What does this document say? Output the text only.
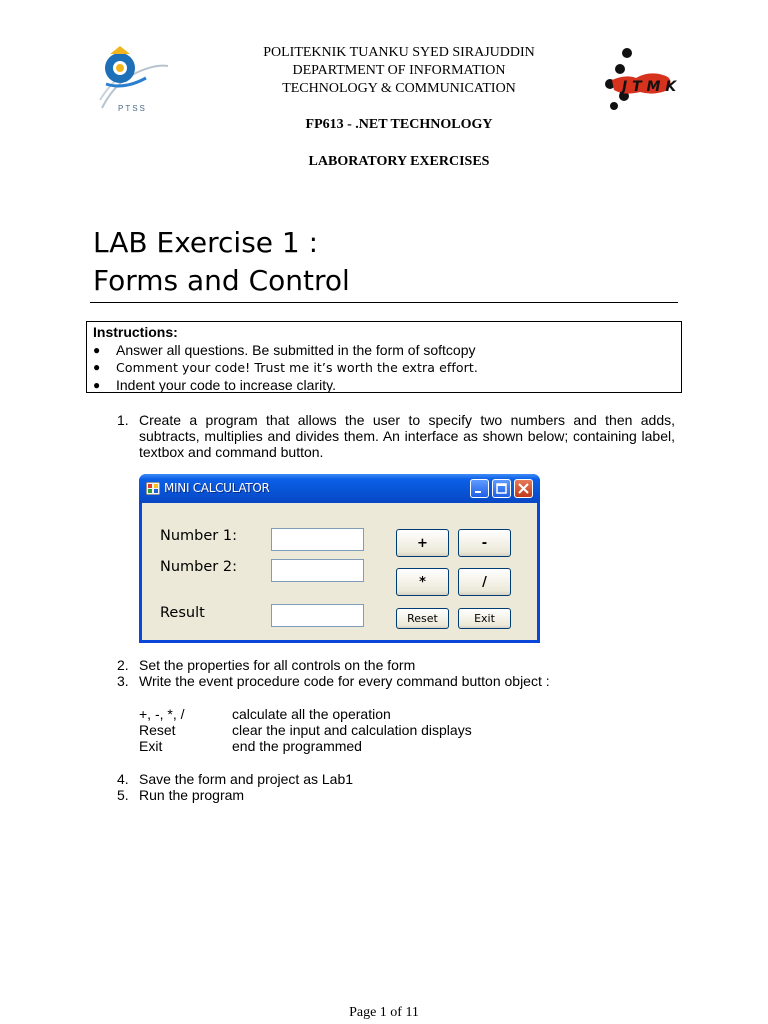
PTSS
J T M K
POLITEKNIK TUANKU SYED SIRAJUDDIN
DEPARTMENT OF INFORMATION
TECHNOLOGY & COMMUNICATION
FP613 - .NET TECHNOLOGY
LABORATORY EXERCISES
LAB Exercise 1 :
Forms and Control
Instructions:
● Answer all questions. Be submitted in the form of softcopy
● Comment your code! Trust me it’s worth the extra effort.
● Indent your code to increase clarity.
1. Create a program that allows the user to specify two numbers and then adds,
subtracts, multiplies and divides them. An interface as shown below; containing label,
textbox and command button.
MINI CALCULATOR
Number 1:
Number 2:
Result
+	-
*	/
Reset	Exit
2. Set the properties for all controls on the form
3. Write the event procedure code for every command button object :
+, -, *, /	calculate all the operation
Reset	clear the input and calculation displays
Exit	end the programmed
4. Save the form and project as Lab1
5. Run the program
Page 1 of 11
